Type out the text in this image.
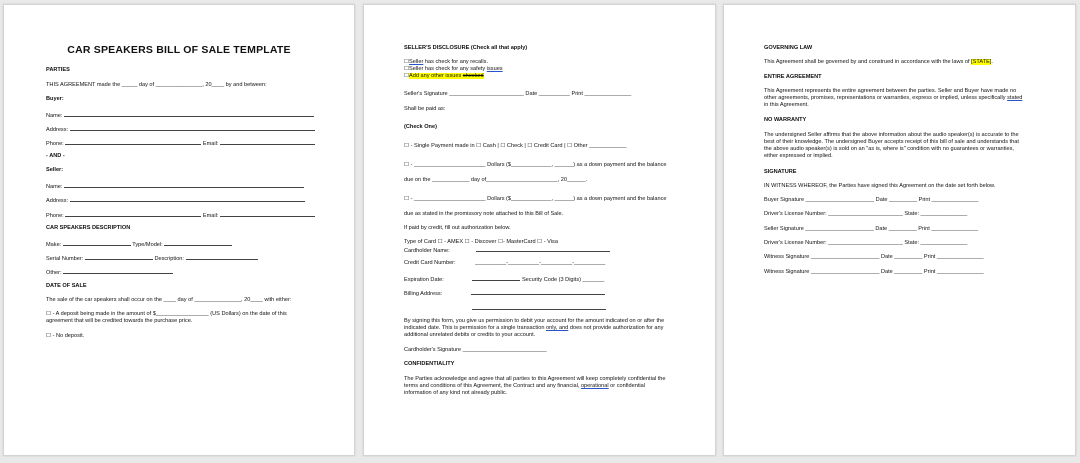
CAR SPEAKERS BILL OF SALE TEMPLATE
PARTIES
THIS AGREEMENT made the _____ day of _______________, 20____ by and between:
Buyer:
Name:
Address:
Phone:	Email:
- AND -
Seller:
Name:
Address:
Phone:	Email:
CAR SPEAKERS DESCRIPTION
Make:	Type/Model:
Serial Number:	Description:
Other:
DATE OF SALE
The sale of the car speakers shall occur on the ____ day of _______________, 20____ with either:
☐ - A deposit being made in the amount of $_________________ (US Dollars) on the date of this
agreement that will be credited towards the purchase price.
☐ - No deposit.
SELLER'S DISCLOSURE (Check all that apply)
☐Seller has check for any recalls.
☐Seller has check for any safety issues
☐Add any other issues checked
Seller's Signature ________________________ Date __________ Print _______________
Shall be paid as:
(Check One)
☐ - Single Payment made in ☐ Cash | ☐ Check | ☐ Credit Card | ☐ Other ____________
☐ - _______________________ Dollars ($_____________, ______) as a down payment and the balance
due on the ____________ day of_______________________, 20______.
☐ - _______________________ Dollars ($_____________, ______) as a down payment and the balance
due as stated in the promissory note attached to this Bill of Sale.
If paid by credit, fill out authorization below.
Type of Card ☐ - AMEX ☐ - Discover ☐- MasterCard ☐ - Visa
Cardholder Name:
Credit Card Number:	__________-__________-__________-__________
Expiration Date:	Security Code (3 Digits) _______
Billing Address:
By signing this form, you give us permission to debit your account for the amount indicated on or after the
indicated date. This is permission for a single transaction only, and does not provide authorization for any
additional unrelated debits or credits to your account.
Cardholder's Signature ___________________________
CONFIDENTIALITY
The Parties acknowledge and agree that all parties to this Agreement will keep completely confidential the
terms and conditions of this Agreement, the Contract and any financial, operational or confidential
information of any kind not already public.
GOVERNING LAW
This Agreement shall be governed by and construed in accordance with the laws of [STATE].
ENTIRE AGREEMENT
This Agreement represents the entire agreement between the parties. Seller and Buyer have made no
other agreements, promises, representations or warranties, express or implied, unless specifically stated
in this Agreement.
NO WARRANTY
The undersigned Seller affirms that the above information about the audio speaker(s) is accurate to the
best of their knowledge. The undersigned Buyer accepts receipt of this bill of sale and understands that
the above audio speaker(s) is sold on an "as is, where is" condition with no guarantees or warranties,
either expressed or implied.
SIGNATURE
IN WITNESS WHEREOF, the Parties have signed this Agreement on the date set forth below.
Buyer Signature ______________________ Date _________ Print _______________
Driver's License Number: ________________________ State: _______________
Seller Signature ______________________ Date _________ Print _______________
Driver's License Number: ________________________ State: _______________
Witness Signature ______________________ Date _________ Print _______________
Witness Signature ______________________ Date _________ Print _______________
